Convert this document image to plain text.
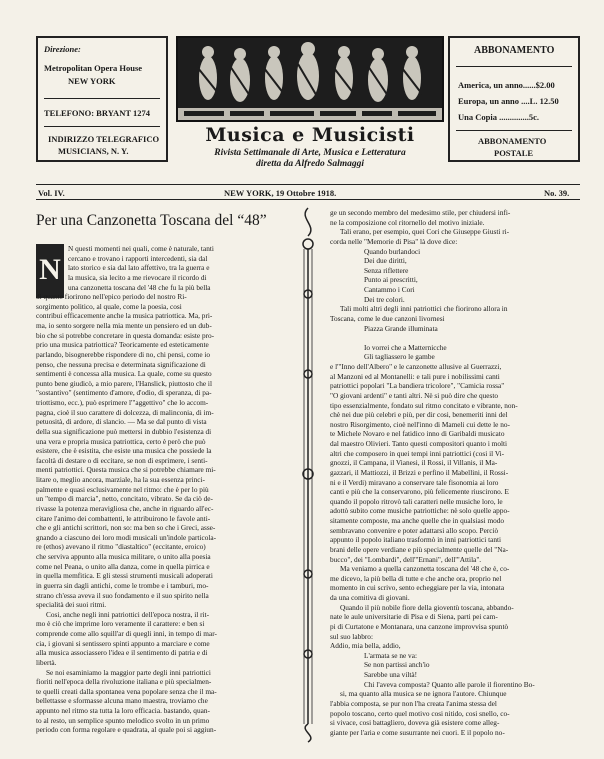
Direzione:
Metropolitan Opera House
NEW YORK
TELEFONO: BRYANT 1274
INDIRIZZO TELEGRAFICO
MUSICIANS, N. Y.
Musica e Musicisti
Rivista Settimanale di Arte, Musica e Letteratura
diretta da Alfredo Salmaggi
ABBONAMENTO
America, un anno......$2.00
Europa, un anno ....L. 12.50
Una Copia ..............5c.
ABBONAMENTO
POSTALE
Vol. IV.	NEW YORK, 19 Ottobre 1918.	No. 39.
Per una Canzonetta Toscana del “48”
N
N questi momenti nei quali, come è naturale, tanti
cercano e trovano i rapporti intercedenti, sia dal
lato storico e sia dal lato affettivo, tra la guerra e
la musica, sia lecito a me rievocare il ricordo di
una canzonetta toscana del '48 che fu la più bella
di quante fiorirono nell'epico periodo del nostro Ri-
sorgimento politico, al quale, come la poesia, cosi
contribui efficacemente anche la musica patriottica. Ma, pri-
ma, io sento sorgere nella mia mente un pensiero ed un dub-
bio che si potrebbe concretare in questa domanda: esiste pro-
prio una musica patriottica? Teoricamente ed esteticamente
parlando, bisognerebbe rispondere di no, chi pensi, come io
penso, che nessuna precisa e determinata significazione di
sentimenti è concessa alla musica. La quale, come su questo
punto bene giudicò, a mio parere, l'Hanslick, piuttosto che il
"sostantivo" (sentimento d'amore, d'odio, di speranza, di pa-
triottismo, ecc.), può esprimere l'"aggettivo" che lo accom-
pagna, cioè il suo carattere di dolcezza, di malinconia, di im-
petuosità, di ardore, di slancio. — Ma se dal punto di vista
della sua significazione può mettersi in dubbio l'esistenza di
una vera e propria musica patriottica, certo è però che può
esistere, che è esistita, che esiste una musica che possiede la
facoltà di destare o di eccitare, se non di esprimere, i senti-
menti patriottici. Questa musica che si potrebbe chiamare mi-
litare o, meglio ancora, marziale, ha la sua essenza princi-
palmente e quasi esclusivamente nel ritmo: che è per lo più
un "tempo di marcia", netto, concitato, vibrato. Se da ciò de-
rivasse la potenza meravigliosa che, anche in riguardo all'ec-
citare l'animo dei combattenti, le attribuirono le favole anti-
che e gli antichi scrittori, non so: ma ben so che i Greci, asse-
gnando a ciascuno dei loro modi musicali un'indole particola-
re (ethos) avevano il ritmo "diastaltico" (eccitante, eroico)
che serviva appunto alla musica militare, o unito alla poesia
come nel Peana, o unito alla danza, come in quella pirrica e
in quella memfitica. E gli stessi strumenti musicali adoperati
in guerra sin dagli antichi, come le trombe e i tamburi, mo-
strano ch'essa aveva il suo fondamento e il suo spirito nella
specialità dei suoi ritmi.
Cosi, anche negli inni patriottici dell'epoca nostra, il rit-
mo è ciò che imprime loro veramente il carattere: e ben si
comprende come allo squill'ar di quegli inni, in tempo di mar-
cia, i giovani si sentissero spinti appunto a marciare e come
alla musica associassero l'idea e il sentimento di patria e di
libertà.
Se noi esaminiamo la maggior parte degli inni patriottici
fioriti nell'epoca della rivoluzione italiana e più specialmen-
te quelli creati dalla spontanea vena popolare senza che il ma-
bellettasse e sformasse alcuna mano maestra, troviamo che
appunto nel ritmo sta tutta la loro efficacia. bastando, quan-
to al resto, un semplice spunto melodico svolto in un primo
periodo con forma regolare e quadrata, al quale poi si aggiun-
ge un secondo membro del medesimo stile, per chiudersi infi-
ne la composizione col ritornello del motivo iniziale.
Tali erano, per esempio, quei Cori che Giuseppe Giusti ri-
corda nelle "Memorie di Pisa" là dove dice:
Quando burlandoci
Dei due diritti,
Senza riflettere
Punto ai prescritti,
Cantammo i Cori
Dei tre colori.
Tali molti altri degli inni patriottici che fiorirono allora in
Toscana, come le due canzoni livornesi
Piazza Grande illuminata
Io vorrei che a Matternicche
Gli tagliassero le gambe
e l'"Inno dell'Albero" e le canzonette allusive al Guerrazzi,
al Manzoni ed al Montanelli: e tali pure i nobilissimi canti
patriottici popolari "La bandiera tricolore", "Camicia rossa"
"O giovani ardenti" e tanti altri. Nè si può dire che questo
tipo essenzialmente, fondato sul ritmo concitato e vibrante, non-
chè nei due più celebri e più, per dir cosi, benemeriti inni del
nostro Risorgimento, cioè nell'inno di Mameli cui dette le no-
te Michele Novaro e nel fatidico inno di Garibaldi musicato
dal maestro Olivieri. Tanto questi compositori quanto i molti
altri che composero in quei tempi inni patriottici (cosi il Vi-
gnozzi, il Campana, il Vianesi, il Rossi, il Villanis, il Ma-
gazzari, il Mattiozzi, il Brizzi e perfino il Mabellini, il Rossi-
ni e il Verdi) miravano a conservare tale fisonomia ai loro
canti e più che la conservarono, più felicemente riuscirono. E
quando il popolo ritrovò tali caratteri nelle musiche loro, le
adottò subito come musiche patriottiche: nè solo quelle appo-
sitamente composte, ma anche quelle che in qualsiasi modo
sembravano convenire e poter adattarsi allo scopo. Perciò
appunto il popolo italiano trasformò in inni patriottici tanti
brani delle opere verdiane e più specialmente quelle del "Na-
bucco", dei "Lombardi", dell'"Ernani", dell'"Attila".
Ma veniamo a quella canzonetta toscana del '48 che è, co-
me dicevo, la più bella di tutte e che anche ora, proprio nel
momento in cui scrivo, sento echeggiare per la via, intonata
da una comitiva di giovani.
Quando il più nobile fiore della gioventù toscana, abbando-
nate le aule universitarie di Pisa e di Siena, parti pei cam-
pi di Curtatone e Montanara, una canzone improvvisa spuntò
sul suo labbro:
Addio, mia bella, addio,
L'armata se ne va:
Se non partissi anch'io
Sarebbe una viltà!
Chi l'aveva composta? Quanto alle parole il fiorentino Bo-
si, ma quanto alla musica se ne ignora l'autore. Chiunque
l'abbia composta, se pur non l'ha creata l'anima stessa del
popolo toscano, certo quel motivo cosi nitido, cosi snello, co-
si vivace, cosi battagliero, doveva già esistere come alleg-
giante per l'aria e come susurrante nei cuori. E il popolo no-
